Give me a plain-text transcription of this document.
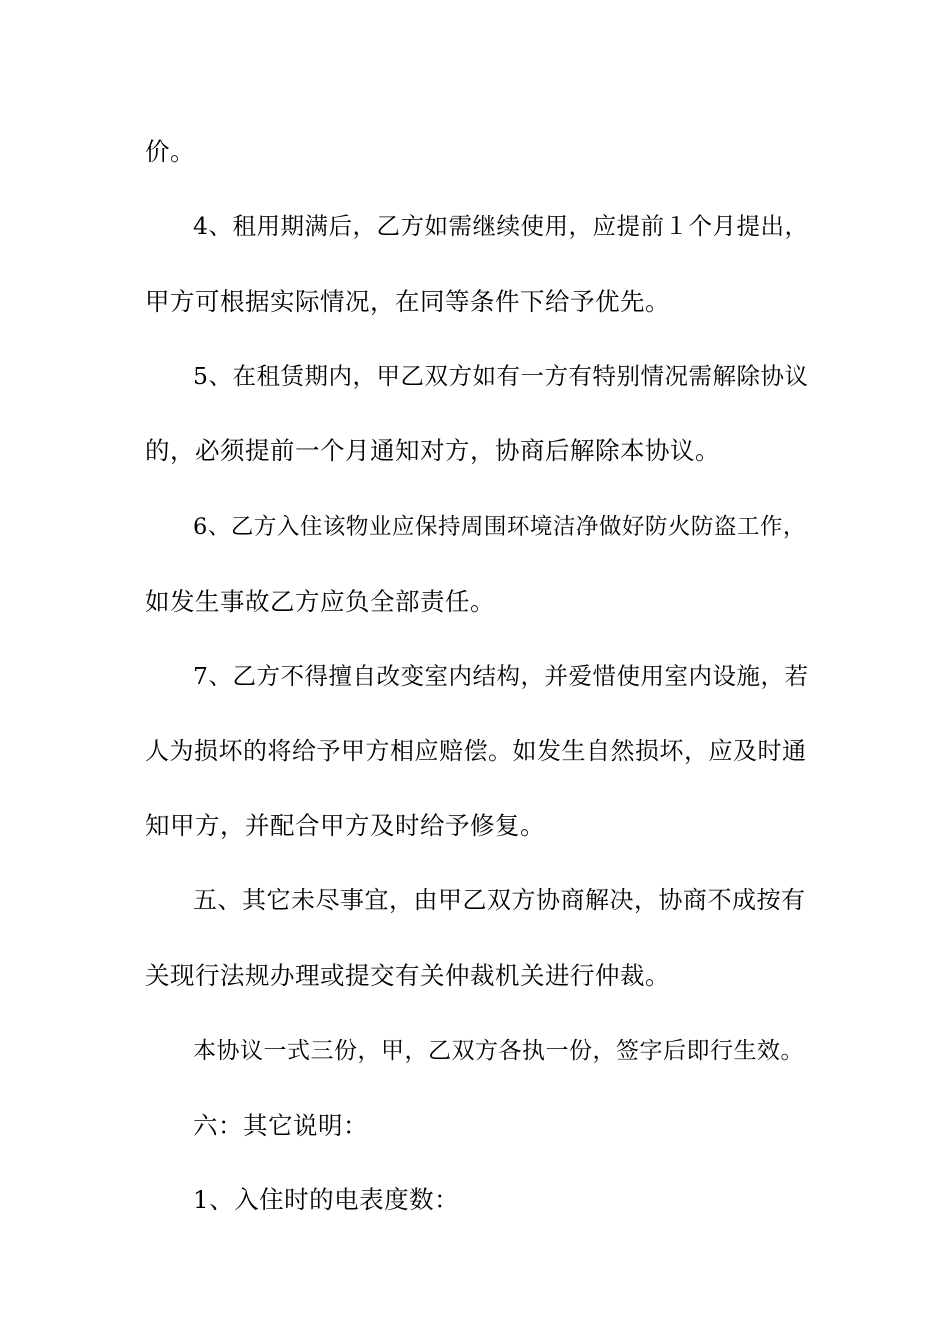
价。
4、租用期满后，乙方如需继续使用，应提前１个月提出，
甲方可根据实际情况，在同等条件下给予优先。
5、在租赁期内，甲乙双方如有一方有特别情况需解除协议
的，必须提前一个月通知对方，协商后解除本协议。
6、乙方入住该物业应保持周围环境洁净做好防火防盗工作，
如发生事故乙方应负全部责任。
7、乙方不得擅自改变室内结构，并爱惜使用室内设施，若
人为损坏的将给予甲方相应赔偿。如发生自然损坏，应及时通
知甲方，并配合甲方及时给予修复。
五、其它未尽事宜，由甲乙双方协商解决，协商不成按有
关现行法规办理或提交有关仲裁机关进行仲裁。
本协议一式三份，甲，乙双方各执一份，签字后即行生效。
六：其它说明：
1、入住时的电表度数：
